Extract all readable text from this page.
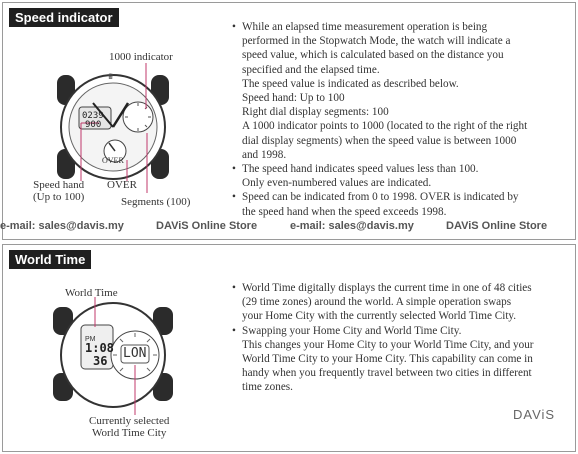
Speed indicator
1000 indicator
♛
0239
900
OVER
Speed hand
(Up to 100)
OVER
Segments (100)
• While an elapsed time measurement operation is being

performed in the Stopwatch Mode, the watch will indicate a

speed value, which is calculated based on the distance you

specified and the elapsed time.

The speed value is indicated as described below.

Speed hand: Up to 100

Right dial display segments: 100

A 1000 indicator points to 1000 (located to the right of the right

dial display segments) when the speed value is between 1000

and 1998.

• The speed hand indicates speed values less than 100.

Only even-numbered values are indicated.

• Speed can be indicated from 0 to 1998. OVER is indicated by

the speed hand when the speed exceeds 1998.

e-mail: sales@davis.my	DAViS Online Store	e-mail: sales@davis.my	DAViS Online Store
World Time
World Time
PM
1:08
36 LON
Currently selected
World Time City
• World Time digitally displays the current time in one of 48 cities

(29 time zones) around the world. A simple operation swaps

your Home City with the currently selected World Time City.

• Swapping your Home City and World Time City.

This changes your Home City to your World Time City, and your

World Time City to your Home City. This capability can come in

handy when you frequently travel between two cities in different

time zones.

DAViS
